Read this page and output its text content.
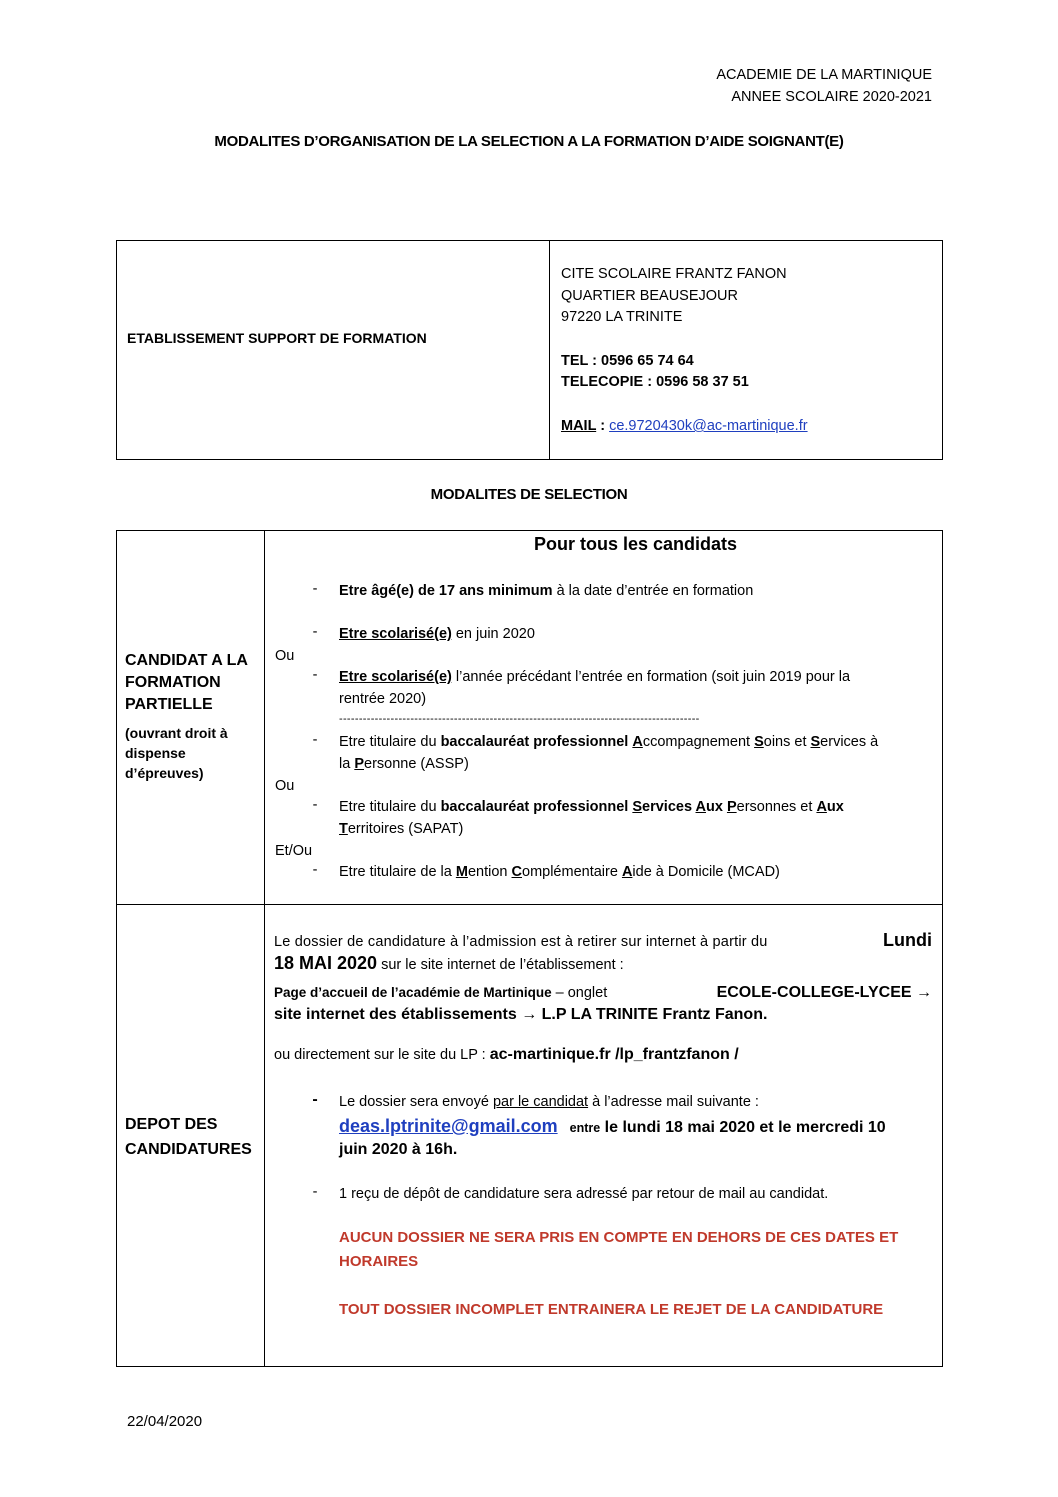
ACADEMIE DE LA MARTINIQUE
ANNEE SCOLAIRE 2020-2021
MODALITES D’ORGANISATION DE LA SELECTION A LA FORMATION D’AIDE SOIGNANT(E)
ETABLISSEMENT SUPPORT DE FORMATION
CITE SCOLAIRE FRANTZ FANON
QUARTIER BEAUSEJOUR
97220 LA TRINITE
TEL : 0596 65 74 64
TELECOPIE : 0596 58 37 51
MAIL : ce.9720430k@ac-martinique.fr
MODALITES DE SELECTION
CANDIDAT A LA
FORMATION
PARTIELLE
(ouvrant droit à
dispense
d’épreuves)
Pour tous les candidats
- Etre âgé(e) de 17 ans minimum à la date d’entrée en formation
- Etre scolarisé(e) en juin 2020
Ou
- Etre scolarisé(e) l’année précédant l’entrée en formation (soit juin 2019 pour la
rentrée 2020)
-------------------------------------------------------------------------------------------
- Etre titulaire du baccalauréat professionnel Accompagnement Soins et Services à
la Personne (ASSP)
Ou
- Etre titulaire du baccalauréat professionnel Services Aux Personnes et Aux
Territoires (SAPAT)
Et/Ou
- Etre titulaire de la Mention Complémentaire Aide à Domicile (MCAD)
DEPOT DES
CANDIDATURES
Le dossier de candidature à l’admission est à retirer sur internet à partir du	Lundi
18 MAI 2020 sur le site internet de l’établissement :
Page d’accueil de l’académie de Martinique – onglet	ECOLE-COLLEGE-LYCEE →
site internet des établissements → L.P LA TRINITE Frantz Fanon.
ou directement sur le site du LP : ac-martinique.fr /lp_frantzfanon /
- Le dossier sera envoyé par le candidat à l’adresse mail suivante :
deas.lptrinite@gmail.com entre le lundi 18 mai 2020 et le mercredi 10
juin 2020 à 16h.
- 1 reçu de dépôt de candidature sera adressé par retour de mail au candidat.
AUCUN DOSSIER NE SERA PRIS EN COMPTE EN DEHORS DE CES DATES ET
HORAIRES
TOUT DOSSIER INCOMPLET ENTRAINERA LE REJET DE LA CANDIDATURE
22/04/2020
